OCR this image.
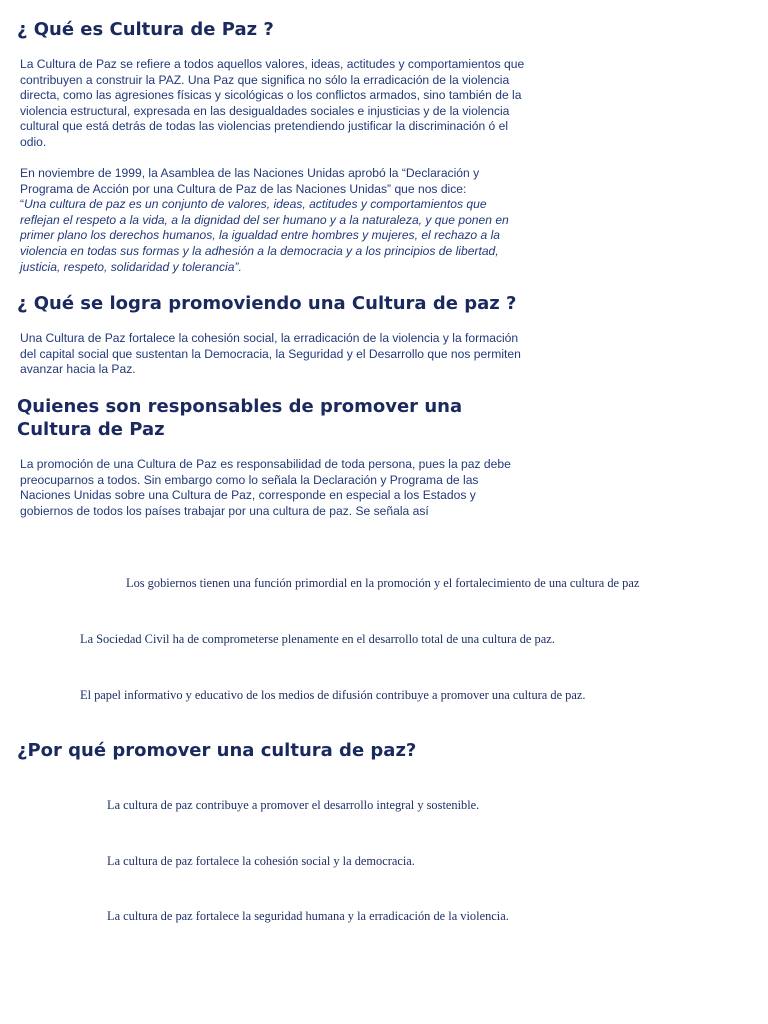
¿ Qué es Cultura de Paz ?

La Cultura de Paz se refiere a todos aquellos valores, ideas, actitudes y comportamientos que
contribuyen a construir la PAZ. Una Paz que significa no sólo la erradicación de la violencia
directa, como las agresiones físicas y sicológicas o los conflictos armados, sino también de la
violencia estructural, expresada en las desigualdades sociales e injusticias y de la violencia
cultural que está detrás de todas las violencias pretendiendo justificar la discriminación ó el
odio.

En noviembre de 1999, la Asamblea de las Naciones Unidas aprobó la “Declaración y
Programa de Acción por una Cultura de Paz de las Naciones Unidas” que nos dice:
“Una cultura de paz es un conjunto de valores, ideas, actitudes y comportamientos que
reflejan el respeto a la vida, a la dignidad del ser humano y a la naturaleza, y que ponen en
primer plano los derechos humanos, la igualdad entre hombres y mujeres, el rechazo a la
violencia en todas sus formas y la adhesión a la democracia y a los principios de libertad,
justicia, respeto, solidaridad y tolerancia”.

¿ Qué se logra promoviendo una Cultura de paz ?

Una Cultura de Paz fortalece la cohesión social, la erradicación de la violencia y la formación
del capital social que sustentan la Democracia, la Seguridad y el Desarrollo que nos permiten
avanzar hacia la Paz.

Quienes son responsables de promover una
Cultura de Paz

La promoción de una Cultura de Paz es responsabilidad de toda persona, pues la paz debe
preocuparnos a todos. Sin embargo como lo señala la Declaración y Programa de las
Naciones Unidas sobre una Cultura de Paz, corresponde en especial a los Estados y
gobiernos de todos los países trabajar por una cultura de paz. Se señala así

Los gobiernos tienen una función primordial en la promoción y el fortalecimiento de una cultura de paz

La Sociedad Civil ha de comprometerse plenamente en el desarrollo total de una cultura de paz.

El papel informativo y educativo de los medios de difusión contribuye a promover una cultura de paz.

¿Por qué promover una cultura de paz?

La cultura de paz contribuye a promover el desarrollo integral y sostenible.

La cultura de paz fortalece la cohesión social y la democracia.

La cultura de paz fortalece la seguridad humana y la erradicación de la violencia.
